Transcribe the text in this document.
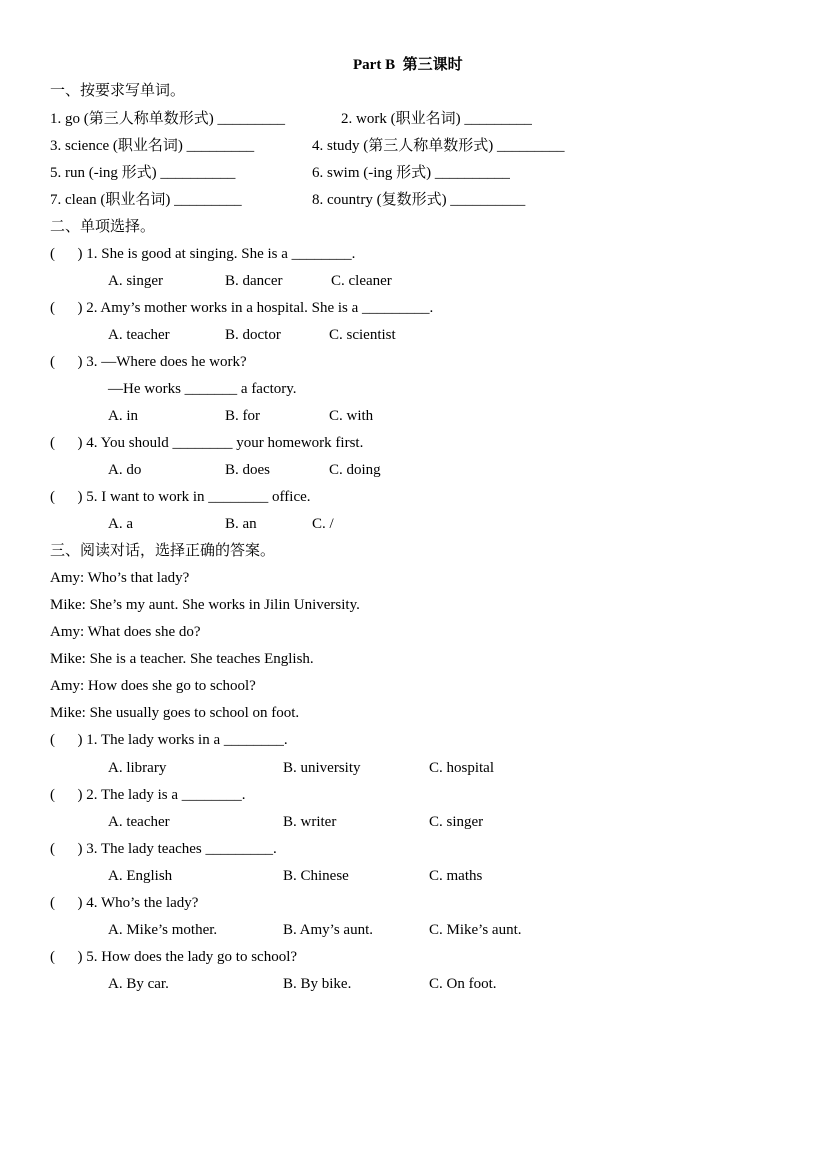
Part B  第三课时
一、按要求写单词。
1. go (第三人称单数形式) _________	2. work (职业名词) _________
3. science (职业名词) _________	4. study (第三人称单数形式) _________
5. run (-ing 形式) __________	6. swim (-ing 形式) __________
7. clean (职业名词) _________	8. country (复数形式) __________
二、单项选择。
(      ) 1. She is good at singing. She is a ________.
A. singer	B. dancer	C. cleaner
(      ) 2. Amy’s mother works in a hospital. She is a _________.
A. teacher	B. doctor	C. scientist
(      ) 3. —Where does he work?
—He works _______ a factory.
A. in	B. for	C. with
(      ) 4. You should ________ your homework first.
A. do	B. does	C. doing
(      ) 5. I want to work in ________ office.
A. a	B. an	C. /
三、阅读对话，选择正确的答案。
Amy: Who’s that lady?
Mike: She’s my aunt. She works in Jilin University.
Amy: What does she do?
Mike: She is a teacher. She teaches English.
Amy: How does she go to school?
Mike: She usually goes to school on foot.
(      ) 1. The lady works in a ________.
A. library	B. university	C. hospital
(      ) 2. The lady is a ________.
A. teacher	B. writer	C. singer
(      ) 3. The lady teaches _________.
A. English	B. Chinese	C. maths
(      ) 4. Who’s the lady?
A. Mike’s mother.	B. Amy’s aunt.	C. Mike’s aunt.
(      ) 5. How does the lady go to school?
A. By car.	B. By bike.	C. On foot.
